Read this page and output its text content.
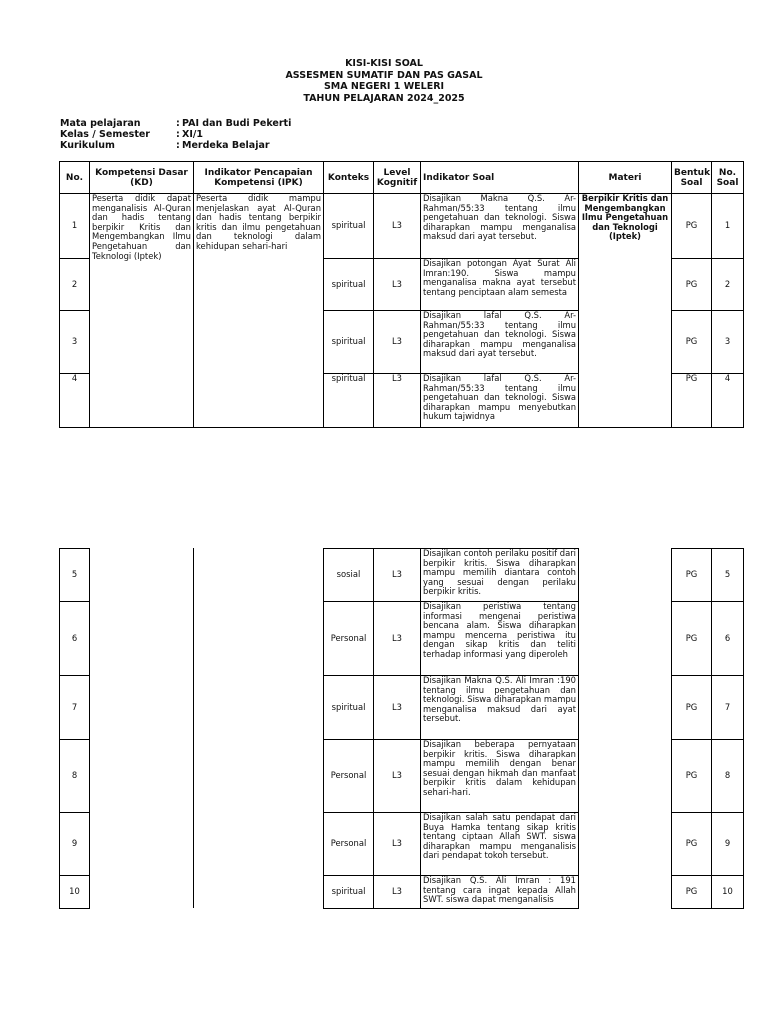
KISI-KISI SOAL
ASSESMEN SUMATIF DAN PAS GASAL
SMA NEGERI 1 WELERI
TAHUN PELAJARAN 2024_2025
Mata pelajaran	: PAI dan Budi Pekerti
Kelas / Semester	: XI/1
Kurikulum	: Merdeka Belajar
No.	Kompetensi Dasar (KD)	Indikator Pencapaian Kompetensi (IPK)	Konteks	Level Kognitif	Indikator Soal	Materi	Bentuk Soal	No. Soal
1	Peserta didik dapat menganalisis Al-Quran dan hadis tentang berpikir Kritis dan Mengembangkan Ilmu Pengetahuan dan Teknologi (Iptek)	Peserta didik mampu menjelaskan ayat Al-Quran dan hadis tentang berpikir kritis dan ilmu pengetahuan dan teknologi dalam kehidupan sehari-hari	spiritual	L3	Disajikan Makna Q.S. Ar-Rahman/55:33 tentang ilmu pengetahuan dan teknologi. Siswa diharapkan mampu menganalisa maksud dari ayat tersebut.	Berpikir Kritis dan Mengembangkan Ilmu Pengetahuan dan Teknologi (Iptek)	PG	1
2			spiritual	L3	Disajikan potongan Ayat Surat Ali Imran:190. Siswa mampu menganalisa makna ayat tersebut tentang penciptaan alam semesta		PG	2
3			spiritual	L3	Disajikan lafal Q.S. Ar-Rahman/55:33 tentang ilmu pengetahuan dan teknologi. Siswa diharapkan mampu menganalisa maksud dari ayat tersebut.		PG	3
4			spiritual	L3	Disajikan lafal Q.S. Ar-Rahman/55:33 tentang ilmu pengetahuan dan teknologi. Siswa diharapkan mampu menyebutkan hukum tajwidnya		PG	4
5			sosial	L3	Disajikan contoh perilaku positif dari berpikir kritis. Siswa diharapkan mampu memilih diantara contoh yang sesuai dengan perilaku berpikir kritis.		PG	5
6			Personal	L3	Disajikan peristiwa tentang informasi mengenai peristiwa bencana alam. Siswa diharapkan mampu mencerna peristiwa itu dengan sikap kritis dan teliti terhadap informasi yang diperoleh		PG	6
7			spiritual	L3	Disajikan Makna Q.S. Ali Imran :190 tentang ilmu pengetahuan dan teknologi. Siswa diharapkan mampu menganalisa maksud dari ayat tersebut.		PG	7
8			Personal	L3	Disajikan beberapa pernyataan berpikir kritis. Siswa diharapkan mampu memilih dengan benar sesuai dengan hikmah dan manfaat berpikir kritis dalam kehidupan sehari-hari.		PG	8
9			Personal	L3	Disajikan salah satu pendapat dari Buya Hamka tentang sikap kritis tentang ciptaan Allah SWT. siswa diharapkan mampu menganalisis dari pendapat tokoh tersebut.		PG	9
10			spiritual	L3	Disajikan Q.S. Ali Imran : 191 tentang cara ingat kepada Allah SWT. siswa dapat menganalisis		PG	10
